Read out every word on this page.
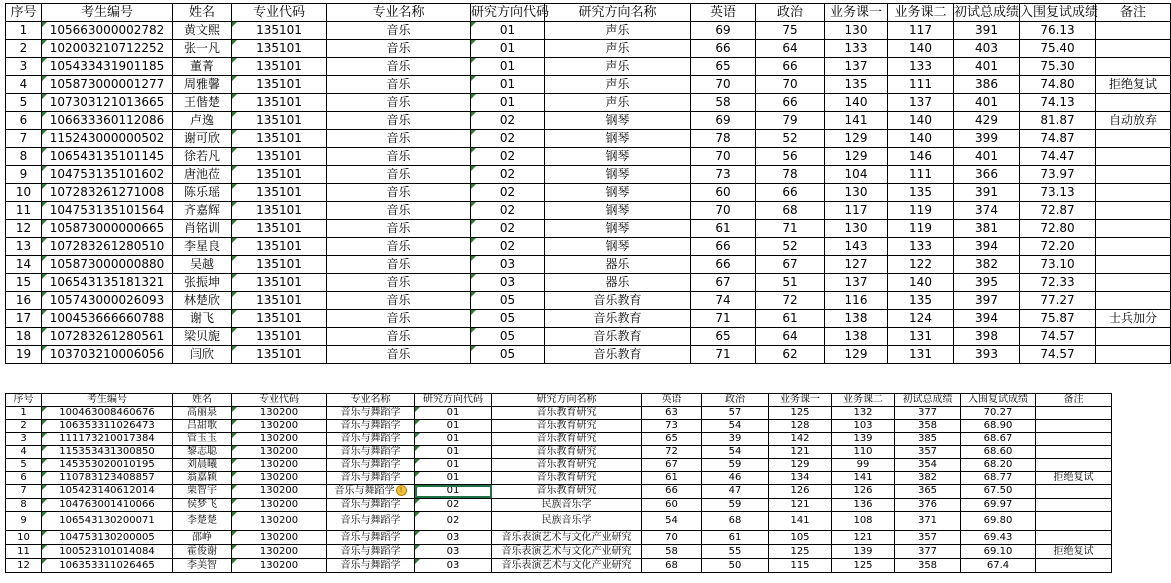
序号	考生编号	姓名	专业代码	专业名称	研究方向代码	研究方向名称	英语	政治	业务课一	业务课二	初试总成绩	入围复试成绩	备注
1	105663000002782	黄文熙	135101	音乐	01	声乐	69	75	130	117	391	76.13	
2	102003210712252	张一凡	135101	音乐	01	声乐	66	64	133	140	403	75.40	
3	105433431901185	董菁	135101	音乐	01	声乐	65	66	137	133	401	75.30	
4	105873000001277	周雅馨	135101	音乐	01	声乐	70	70	135	111	386	74.80	拒绝复试
5	107303121013665	王偕楚	135101	音乐	01	声乐	58	66	140	137	401	74.13	
6	106633360112086	卢逸	135101	音乐	02	钢琴	69	79	141	140	429	81.87	自动放弃
7	115243000000502	谢可欣	135101	音乐	02	钢琴	78	52	129	140	399	74.87	
8	106543135101145	徐若凡	135101	音乐	02	钢琴	70	56	129	146	401	74.47	
9	104753135101602	唐池莅	135101	音乐	02	钢琴	73	78	104	111	366	73.97	
10	107283261271008	陈乐瑶	135101	音乐	02	钢琴	60	66	130	135	391	73.13	
11	104753135101564	齐嘉辉	135101	音乐	02	钢琴	70	68	117	119	374	72.87	
12	105873000000665	肖铭训	135101	音乐	02	钢琴	61	71	130	119	381	72.80	
13	107283261280510	李星良	135101	音乐	02	钢琴	66	52	143	133	394	72.20	
14	105873000000880	吴越	135101	音乐	03	器乐	66	67	127	122	382	73.10	
15	106543135181321	张振坤	135101	音乐	03	器乐	67	51	137	140	395	72.33	
16	105743000026093	林楚欣	135101	音乐	05	音乐教育	74	72	116	135	397	77.27	
17	100453666660788	谢飞	135101	音乐	05	音乐教育	71	61	138	124	394	75.87	士兵加分
18	107283261280561	梁贝旎	135101	音乐	05	音乐教育	65	64	138	131	398	74.57	
19	103703210006056	闫欣	135101	音乐	05	音乐教育	71	62	129	131	393	74.57	
序号	考生编号	姓名	专业代码	专业名称	研究方向代码	研究方向名称	英语	政治	业务课一	业务课二	初试总成绩	入围复试成绩	备注
1	100463008460676	高丽泉	130200	音乐与舞蹈学	01	音乐教育研究	63	57	125	132	377	70.27	
2	106353311026473	吕甜歌	130200	音乐与舞蹈学	01	音乐教育研究	73	54	128	103	358	68.90	
3	111173210017384	管玉玉	130200	音乐与舞蹈学	01	音乐教育研究	65	39	142	139	385	68.67	
4	115353431300850	黎志聪	130200	音乐与舞蹈学	01	音乐教育研究	72	54	121	110	357	68.60	
5	145353020010195	刘晨曦	130200	音乐与舞蹈学	01	音乐教育研究	67	59	129	99	354	68.20	
6	110783123408857	翁嘉颖	130200	音乐与舞蹈学	01	音乐教育研究	61	46	134	141	382	68.77	拒绝复试
7	105423140612014	栗智宇	130200	音乐与舞蹈学 !	01	音乐教育研究	66	47	126	126	365	67.50	
8	104763001410066	侯梦飞	130200	音乐与舞蹈学	02	民族音乐学	60	59	121	136	376	69.97	
9	106543130200071	李楚楚	130200	音乐与舞蹈学	02	民族音乐学	54	68	141	108	371	69.80	
10	104753130200005	邵峥	130200	音乐与舞蹈学	03	音乐表演艺术与文化产业研究	70	61	105	121	357	69.43	
11	100523101014084	霍俊谢	130200	音乐与舞蹈学	03	音乐表演艺术与文化产业研究	58	55	125	139	377	69.10	拒绝复试
12	106353311026465	李美智	130200	音乐与舞蹈学	03	音乐表演艺术与文化产业研究	68	50	115	125	358	67.4	
